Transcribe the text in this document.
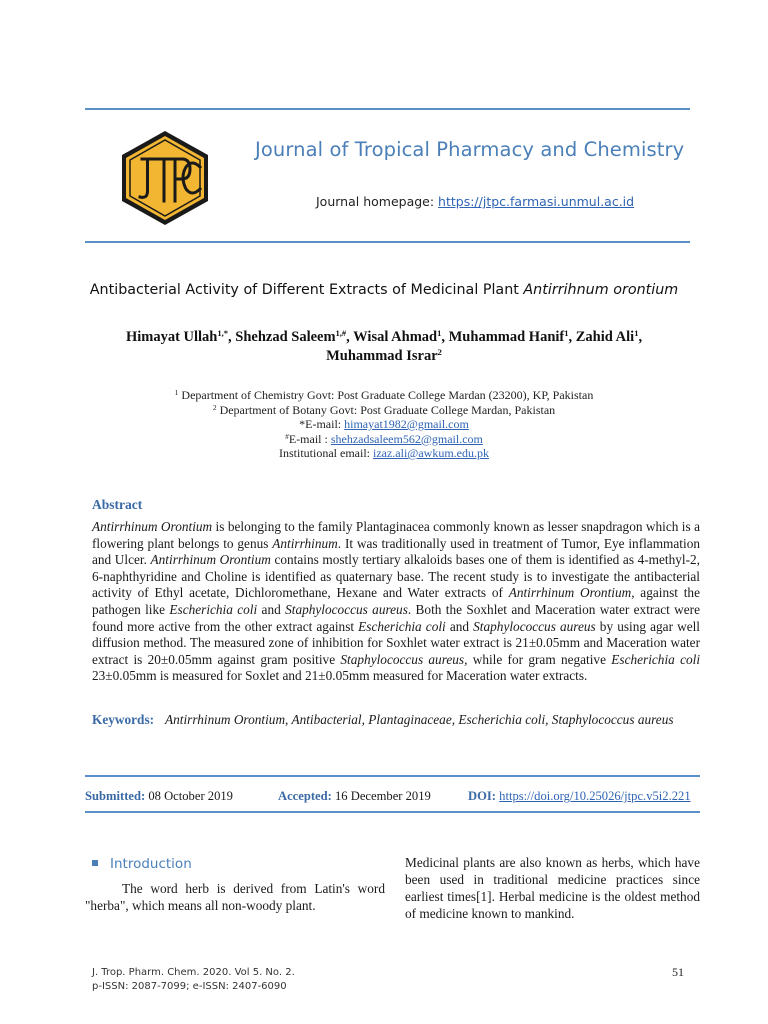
Journal of Tropical Pharmacy and Chemistry
Journal homepage: https://jtpc.farmasi.unmul.ac.id
Antibacterial Activity of Different Extracts of Medicinal Plant Antirrihnum orontium
Himayat Ullah$^{1,*}$, Shehzad Saleem$^{1,\#}$, Wisal Ahmad$^1$, Muhammad Hanif$^1$, Zahid Ali$^1$,
Muhammad Israr$^2$
$^1$ Department of Chemistry Govt: Post Graduate College Mardan (23200), KP, Pakistan
$^2$ Department of Botany Govt: Post Graduate College Mardan, Pakistan
*E-mail: himayat1982@gmail.com
#E-mail : shehzadsaleem562@gmail.com
Institutional email: izaz.ali@awkum.edu.pk
Abstract
Antirrhinum Orontium is belonging to the family Plantaginacea commonly known as lesser snapdragon which is a flowering plant belongs to genus Antirrhinum. It was traditionally used in treatment of Tumor, Eye inflammation and Ulcer. Antirrhinum Orontium contains mostly tertiary alkaloids bases one of them is identified as 4-methyl-2, 6-naphthyridine and Choline is identified as quaternary base. The recent study is to investigate the antibacterial activity of Ethyl acetate, Dichloromethane, Hexane and Water extracts of Antirrhinum Orontium, against the pathogen like Escherichia coli and Staphylococcus aureus. Both the Soxhlet and Maceration water extract were found more active from the other extract against Escherichia coli and Staphylococcus aureus by using agar well diffusion method. The measured zone of inhibition for Soxhlet water extract is 21±0.05mm and Maceration water extract is 20±0.05mm against gram positive Staphylococcus aureus, while for gram negative Escherichia coli 23±0.05mm is measured for Soxlet and 21±0.05mm measured for Maceration water extracts.
Keywords: Antirrhinum Orontium, Antibacterial, Plantaginaceae, Escherichia coli, Staphylococcus aureus
Submitted: 08 October 2019	Accepted: 16 December 2019	DOI: https://doi.org/10.25026/jtpc.v5i2.221
Introduction
The word herb is derived from Latin's word "herba", which means all non-woody plant.
Medicinal plants are also known as herbs, which have been used in traditional medicine practices since earliest times[1]. Herbal medicine is the oldest method of medicine known to mankind.
J. Trop. Pharm. Chem. 2020. Vol 5. No. 2.
p-ISSN: 2087-7099; e-ISSN: 2407-6090
51
